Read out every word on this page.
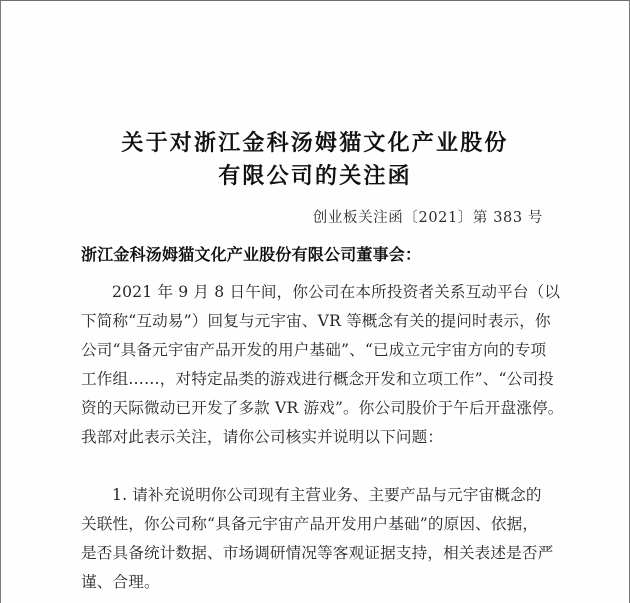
关于对浙江金科汤姆猫文化产业股份
有限公司的关注函
创业板关注函〔2021〕第 383 号
浙江金科汤姆猫文化产业股份有限公司董事会：
2021 年 9 月 8 日午间，你公司在本所投资者关系互动平台（以
下简称“互动易”）回复与元宇宙、VR 等概念有关的提问时表示，你
公司“具备元宇宙产品开发的用户基础”、“已成立元宇宙方向的专项
工作组……，对特定品类的游戏进行概念开发和立项工作”、“公司投
资的天际微动已开发了多款 VR 游戏”。你公司股价于午后开盘涨停。
我部对此表示关注，请你公司核实并说明以下问题：
1. 请补充说明你公司现有主营业务、主要产品与元宇宙概念的
关联性，你公司称“具备元宇宙产品开发用户基础”的原因、依据，
是否具备统计数据、市场调研情况等客观证据支持，相关表述是否严
谨、合理。
